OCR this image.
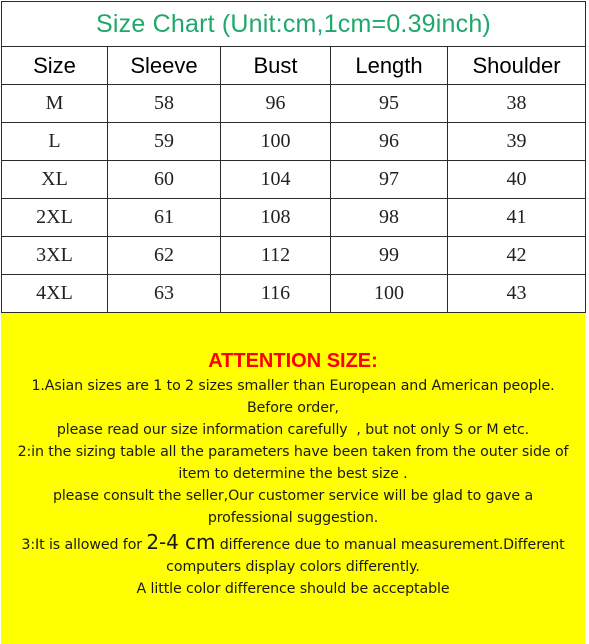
Size Chart (Unit:cm,1cm=0.39inch)				
Size	Sleeve	Bust	Length	Shoulder
M	58	96	95	38
L	59	100	96	39
XL	60	104	97	40
2XL	61	108	98	41
3XL	62	112	99	42
4XL	63	116	100	43
ATTENTION SIZE:

1.Asian sizes are 1 to 2 sizes smaller than European and American people.

Before order,

please read our size information carefully  , but not only S or M etc.

2:in the sizing table all the parameters have been taken from the outer side of

item to determine the best size .

please consult the seller,Our customer service will be glad to gave a

professional suggestion.

3:It is allowed for 2-4 cm difference due to manual measurement.Different

computers display colors differently.

A little color difference should be acceptable
